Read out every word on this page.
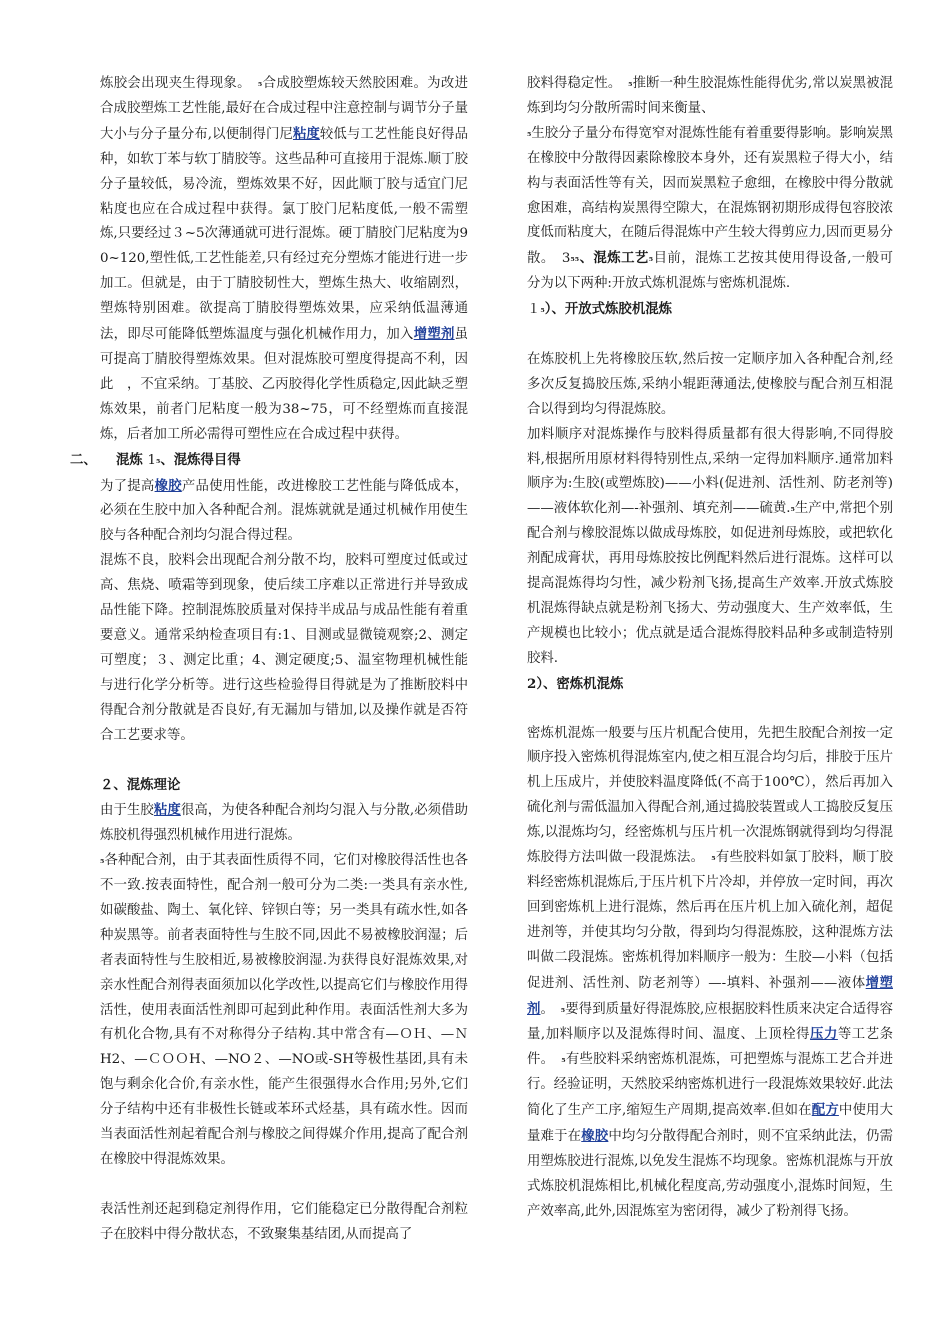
炼胶会出现夹生得现象。　 ₅合成胶塑炼较天然胶困难。为改进合成胶塑炼工艺性能,最好在合成过程中注意控制与调节分子量大小与分子量分布,以便制得门尼粘度较低与工艺性能良好得品种，如软丁苯与软丁腈胶等。这些品种可直接用于混炼.顺丁胶分子量较低，易冷流，塑炼效果不好，因此顺丁胶与适宜门尼粘度也应在合成过程中获得。氯丁胶门尼粘度低,一般不需塑炼,只要经过３~5次薄通就可进行混炼。硬丁腈胶门尼粘度为90~120,塑性低,工艺性能差,只有经过充分塑炼才能进行进一步加工。但就是，由于丁腈胶韧性大，塑炼生热大、收缩剧烈，塑炼特别困难。欲提高丁腈胶得塑炼效果，应采纳低温薄通法，即尽可能降低塑炼温度与强化机械作用力，加入增塑剂虽可提高丁腈胶得塑炼效果。但对混炼胶可塑度得提高不利，因此　，不宜采纳。丁基胶、乙丙胶得化学性质稳定,因此缺乏塑炼效果，前者门尼粘度一般为38~75，可不经塑炼而直接混炼，后者加工所必需得可塑性应在合成过程中获得。

二、 混炼 1₅、混炼得目得

为了提高橡胶产品使用性能，改进橡胶工艺性能与降低成本，必须在生胶中加入各种配合剂。混炼就就是通过机械作用使生胶与各种配合剂均匀混合得过程。

混炼不良，胶料会出现配合剂分散不均，胶料可塑度过低或过高、焦烧、喷霜等到现象，使后续工序难以正常进行并导致成品性能下降。控制混炼胶质量对保持半成品与成品性能有着重要意义。通常采纳检查项目有:1、目测或显微镜观察;2、测定可塑度；３、测定比重；4、测定硬度;5、温室物理机械性能与进行化学分析等。进行这些检验得目得就是为了推断胶料中得配合剂分散就是否良好,有无漏加与错加,以及操作就是否符合工艺要求等。

２、混炼理论

由于生胶粘度很高，为使各种配合剂均匀混入与分散,必须借助炼胶机得强烈机械作用进行混炼。

₅各种配合剂，由于其表面性质得不同，它们对橡胶得活性也各不一致.按表面特性，配合剂一般可分为二类:一类具有亲水性,如碳酸盐、陶土、氧化锌、锌钡白等；另一类具有疏水性,如各种炭黑等。前者表面特性与生胶不同,因此不易被橡胶润湿；后者表面特性与生胶相近,易被橡胶润湿.为获得良好混炼效果,对亲水性配合剂得表面须加以化学改性,以提高它们与橡胶作用得活性，使用表面活性剂即可起到此种作用。表面活性剂大多为有机化合物,具有不对称得分子结构.其中常含有—ＯＨ、—ＮH2、—ＣＯＯH、—NO２、—NO或-SH等极性基团,具有未饱与剩余化合价,有亲水性，能产生很强得水合作用;另外,它们分子结构中还有非极性长链或苯环式烃基，具有疏水性。因而当表面活性剂起着配合剂与橡胶之间得媒介作用,提高了配合剂在橡胶中得混炼效果。

表活性剂还起到稳定剂得作用，它们能稳定已分散得配合剂粒子在胶料中得分散状态，不致聚集基结团,从而提高了

胶料得稳定性。　 ₅推断一种生胶混炼性能得优劣,常以炭黑被混炼到均匀分散所需时间来衡量、
₅生胶分子量分布得宽窄对混炼性能有着重要得影响。影响炭黑在橡胶中分散得因素除橡胶本身外，还有炭黑粒子得大小，结构与表面活性等有关，因而炭黑粒子愈细，在橡胶中得分散就愈困难，高结构炭黑得空隙大，在混炼钢初期形成得包容胶浓度低而粘度大，在随后得混炼中产生较大得剪应力,因而更易分散。　 3₅₅、混炼工艺₅目前，混炼工艺按其使用得设备,一般可分为以下两种:开放式炼机混炼与密炼机混炼.

１₅）、开放式炼胶机混炼

在炼胶机上先将橡胶压软,然后按一定顺序加入各种配合剂,经多次反复捣胶压炼,采纳小辊距薄通法,使橡胶与配合剂互相混合以得到均匀得混炼胶。

加料顺序对混炼操作与胶料得质量都有很大得影响,不同得胶料,根据所用原材料得特别性点,采纳一定得加料顺序.通常加料顺序为:生胶(或塑炼胶)——小料(促进剂、活性剂、防老剂等)——液体软化剂—-补强剂、填充剂——硫黄.₅生产中,常把个别配合剂与橡胶混炼以做成母炼胶，如促进剂母炼胶，或把软化剂配成膏状，再用母炼胶按比例配料然后进行混炼。这样可以提高混炼得均匀性，减少粉剂飞扬,提高生产效率.开放式炼胶机混炼得缺点就是粉剂飞扬大、劳动强度大、生产效率低，生产规模也比较小；优点就是适合混炼得胶料品种多或制造特别胶料.

2）、密炼机混炼

密炼机混炼一般要与压片机配合使用，先把生胶配合剂按一定顺序投入密炼机得混炼室内,使之相互混合均匀后，排胶于压片机上压成片，并使胶料温度降低(不高于100℃），然后再加入硫化剂与需低温加入得配合剂,通过捣胶装置或人工捣胶反复压炼,以混炼均匀，经密炼机与压片机一次混炼钢就得到均匀得混炼胶得方法叫做一段混炼法。　 ₅有些胶料如氯丁胶料，顺丁胶料经密炼机混炼后,于压片机下片冷却，并停放一定时间，再次回到密炼机上进行混炼，然后再在压片机上加入硫化剂，超促进剂等，并使其均匀分散，得到均匀得混炼胶，这种混炼方法叫做二段混炼。密炼机得加料顺序一般为：生胶—小料（包括促进剂、活性剂、防老剂等）—-填料、补强剂——液体增塑剂。　 ₅要得到质量好得混炼胶,应根据胶料性质来决定合适得容量,加料顺序以及混炼得时间、温度、上顶栓得压力等工艺条件。　 ₅有些胶料采纳密炼机混炼，可把塑炼与混炼工艺合并进行。经验证明，天然胶采纳密炼机进行一段混炼效果较好.此法简化了生产工序,缩短生产周期,提高效率.但如在配方中使用大量难于在橡胶中均匀分散得配合剂时，则不宜采纳此法，仍需用塑炼胶进行混炼,以免发生混炼不均现象。密炼机混炼与开放式炼胶机混炼相比,机械化程度高,劳动强度小,混炼时间短，生产效率高,此外,因混炼室为密闭得，减少了粉剂得飞扬。
